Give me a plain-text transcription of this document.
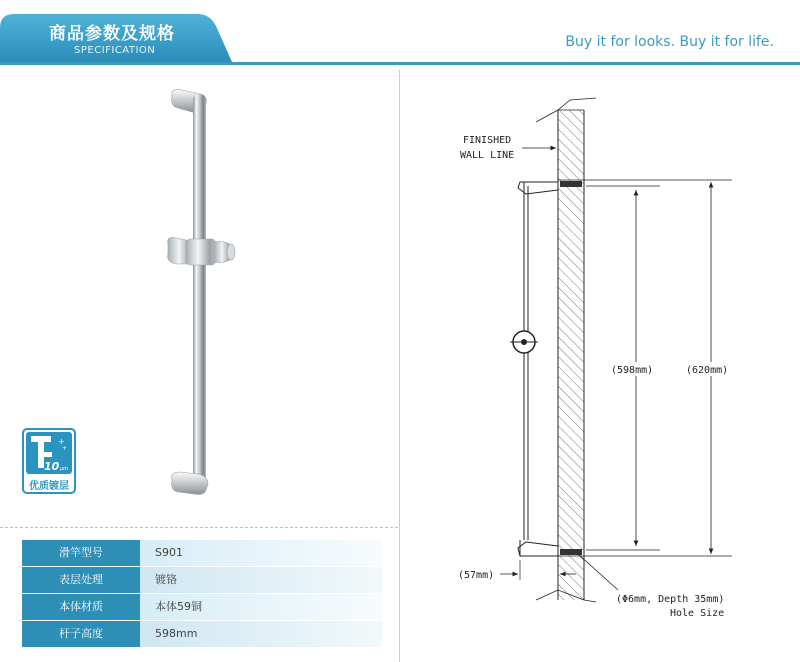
商品参数及规格
SPECIFICATION
Buy it for looks. Buy it for life.
+
+
10 μm
优质镀层
滑竿型号	S901
表层处理	镀铬
本体材质	本体59铜
杆子高度	598mm
FINISHED
WALL LINE
(598mm)	(620mm)
(57mm)
(Φ6mm, Depth 35mm)
Hole Size
